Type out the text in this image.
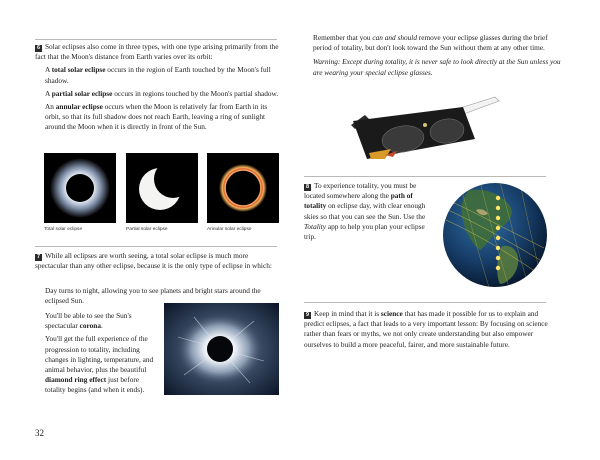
6 Solar eclipses also come in three types, with one type arising primarily from the fact that the Moon's distance from Earth varies over its orbit:

A total solar eclipse occurs in the region of Earth touched by the Moon's full shadow.

A partial solar eclipse occurs in regions touched by the Moon's partial shadow.

An annular eclipse occurs when the Moon is relatively far from Earth in its orbit, so that its full shadow does not reach Earth, leaving a ring of sunlight around the Moon when it is directly in front of the Sun.

Total solar eclipse	Partial solar eclipse	Annular solar eclipse

7 While all eclipses are worth seeing, a total solar eclipse is much more spectacular than any other eclipse, because it is the only type of eclipse in which:

Day turns to night, allowing you to see planets and bright stars around the eclipsed Sun.

You'll be able to see the Sun's spectacular corona.

You'll get the full experience of the progression to totality, including changes in lighting, temperature, and animal behavior, plus the beautiful diamond ring effect just before totality begins (and when it ends).

32

Remember that you can and should remove your eclipse glasses during the brief period of totality, but don't look toward the Sun without them at any other time.

Warning: Except during totality, it is never safe to look directly at the Sun unless you are wearing your special eclipse glasses.

8 To experience totality, you must be located somewhere along the path of totality on eclipse day, with clear enough skies so that you can see the Sun. Use the Totality app to help you plan your eclipse trip.

9 Keep in mind that it is science that has made it possible for us to explain and predict eclipses, a fact that leads to a very important lesson: By focusing on science rather than fears or myths, we not only create understanding but also empower ourselves to build a more peaceful, fairer, and more sustainable future.
